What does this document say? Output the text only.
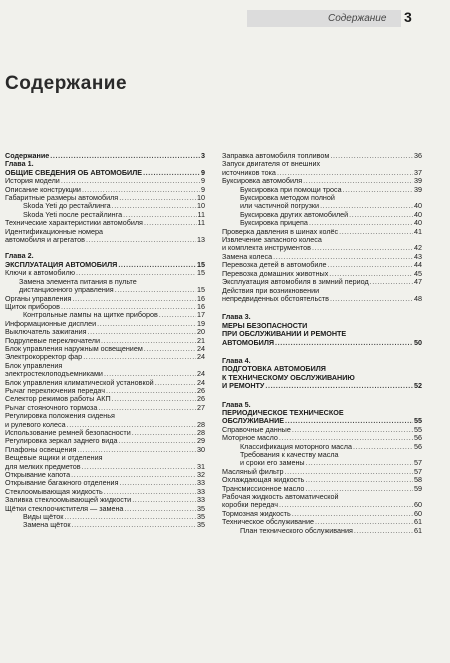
Содержание 3
Содержание
Содержание .....	3
Глава 1.
ОБЩИЕ СВЕДЕНИЯ ОБ АВТОМОБИЛЕ .....	9
История модели .....	9
Описание конструкции .....	9
Габаритные размеры автомобиля .....	10
Skoda Yeti до рестайлинга .....	10
Skoda Yeti после рестайлинга .....	11
Технические характеристики автомобиля .....	11
Идентификационные номера
автомобиля и агрегатов .....	13
Глава 2.
ЭКСПЛУАТАЦИЯ АВТОМОБИЛЯ .....	15
Ключи к автомобилю .....	15
Замена элемента питания в пульте
дистанционного управления .....	15
Органы управления .....	16
Щиток приборов .....	16
Контрольные лампы на щитке приборов .....	17
Информационные дисплеи .....	19
Выключатель зажигания .....	20
Подрулевые переключатели .....	21
Блок управления наружным освещением .....	24
Электрокорректор фар .....	24
Блок управления
электростеклоподъемниками .....	24
Блок управления климатической установкой .....	24
Рычаг переключения передач .....	26
Селектор режимов работы АКП .....	26
Рычаг стояночного тормоза .....	27
Регулировка положения сиденья
и рулевого колеса .....	28
Использование ремней безопасности .....	28
Регулировка зеркал заднего вида .....	29
Плафоны освещения .....	30
Вещевые ящики и отделения
для мелких предметов .....	31
Открывание капота .....	32
Открывание багажного отделения .....	33
Стеклоомывающая жидкость .....	33
Заливка стеклоомывающей жидкости .....	33
Щётки стеклоочистителя — замена .....	35
Виды щёток .....	35
Замена щёток .....	35
Заправка автомобиля топливом .....	36
Запуск двигателя от внешних
источников тока .....	37
Буксировка автомобиля .....	39
Буксировка при помощи троса .....	39
Буксировка методом полной
или частичной погрузки .....	40
Буксировка других автомобилей .....	40
Буксировка прицепа .....	40
Проверка давления в шинах колёс .....	41
Извлечение запасного колеса
и комплекта инструментов .....	42
Замена колеса .....	43
Перевозка детей в автомобиле .....	44
Перевозка домашних животных .....	45
Эксплуатация автомобиля в зимний период .....	47
Действия при возникновении
непредвиденных обстоятельств .....	48
Глава 3.
МЕРЫ БЕЗОПАСНОСТИ
ПРИ ОБСЛУЖИВАНИИ И РЕМОНТЕ
АВТОМОБИЛЯ .....	50
Глава 4.
ПОДГОТОВКА АВТОМОБИЛЯ
К ТЕХНИЧЕСКОМУ ОБСЛУЖИВАНИЮ
И РЕМОНТУ .....	52
Глава 5.
ПЕРИОДИЧЕСКОЕ ТЕХНИЧЕСКОЕ
ОБСЛУЖИВАНИЕ .....	55
Справочные данные .....	55
Моторное масло .....	56
Классификация моторного масла .....	56
Требования к качеству масла
и сроки его замены .....	57
Масляный фильтр .....	57
Охлаждающая жидкость .....	58
Трансмиссионное масло .....	59
Рабочая жидкость автоматической
коробки передач .....	60
Тормозная жидкость .....	60
Техническое обслуживание .....	61
План технического обслуживания .....	61
